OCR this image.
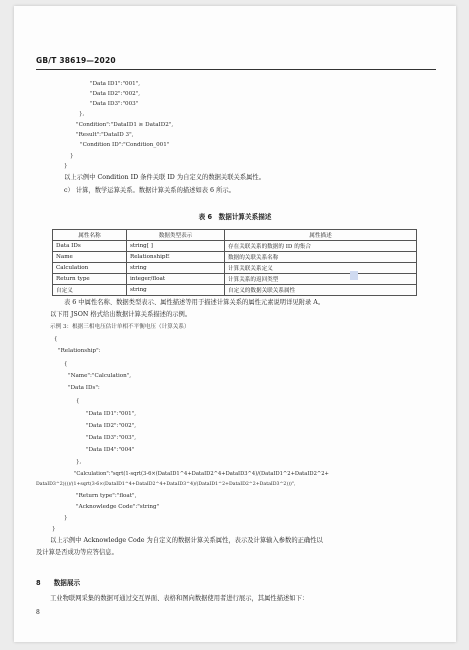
GB/T 38619—2020
"Data ID1":"001",
"Data ID2":"002",
"Data ID3":"003"
},
"Condition":"DataID1 ≥ DataID2",
"Result":"DataID 3",
"Condition ID":"Condition_001"
}
}
以上示例中 Condition ID 条件关联 ID 为自定义的数据关联关系属性。
c） 计算，数学运算关系。数据计算关系的描述如表 6 所示。
表 6　数据计算关系描述
属性名称	数据类型表示	属性描述
Data IDs	string[ ]	存在关联关系的数据的 ID 的集合
Name	RelationshipE	数据的关联关系名称
Calculation	string	计算关联关系定义
Return type	integer/float	计算关系的返回类型
自定义	string	自定义的数据关联关系属性
表 6 中属性名称、数据类型表示、属性描述等用于描述计算关系的属性元素说明详见附录 A。
以下用 JSON 格式给出数据计算关系描述的示例。
示例 3：根据三相电压估计单相不平衡电压（计算关系）
{
"Relationship":
{
"Name":"Calculation",
"Data IDs":
{
"Data ID1":"001",
"Data ID2":"002",
"Data ID3":"003",
"Data ID4":"004"
},
"Calculation":"sqrt(1-sqrt(3-6×(DataID1^4+DataID2^4+DataID3^4)/(DataID1^2+DataID2^2+
DataID3^2))))/(1+sqrt(3-6×(DataID1^4+DataID2^4+DataID3^4)/(DataID1^2+DataID2^2+DataID3^2)))",
"Return type":"float",
"Acknowledge Code":"string"
}
}
以上示例中 Acknowledge Code 为自定义的数据计算关系属性，表示及计算输入参数的正确性以
及计算是否成功等应答信息。
8 数据展示
工业物联网采集的数据可通过交互界面、表格和图向数据使用者进行展示，其属性描述如下：
8
